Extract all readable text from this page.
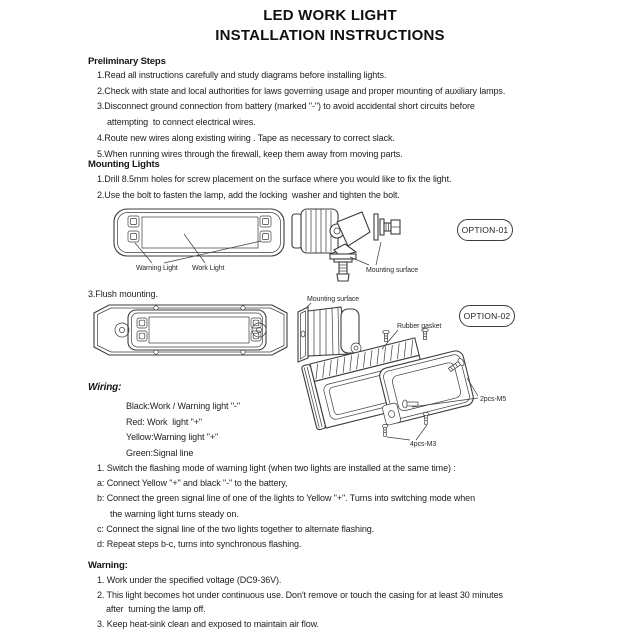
LED WORK LIGHT
INSTALLATION INSTRUCTIONS
Preliminary Steps
1.Read all instructions carefully and study diagrams before installing lights.
2.Check with state and local authorities for laws governing usage and proper mounting of auxiliary lamps.
3.Disconnect ground connection from battery (marked "-") to avoid accidental short circuits before
attempting  to connect electrical wires.
4.Route new wires along existing wiring . Tape as necessary to correct slack.
5.When running wires through the firewall, keep them away from moving parts.
Mounting Lights
1.Drill 8.5mm holes for screw placement on the surface where you would like to fix the light.
2.Use the bolt to fasten the lamp, add the locking  washer and tighten the bolt.
Warning Light Work Light	Mounting surface
OPTION-01
3.Flush mounting.
Mounting surface
OPTION-02
Rubber gasket
2pcs-M5
4pcs-M3
Wiring:
Black:Work / Warning light "-"
Red: Work  light "+"
Yellow:Warning light "+"
Green:Signal line
1. Switch the flashing mode of warning light (when two lights are installed at the same time) :
a: Connect Yellow "+" and black "-" to the battery,
b: Connect the green signal line of one of the lights to Yellow "+". Turns into switching mode when
the warning light turns steady on.
c: Connect the signal line of the two lights together to alternate flashing.
d: Repeat steps b-c, turns into synchronous flashing.
Warning:
1. Work under the specified voltage (DC9-36V).
2. This light becomes hot under continuous use. Don't remove or touch the casing for at least 30 minutes
after  turning the lamp off.
3. Keep heat-sink clean and exposed to maintain air flow.
